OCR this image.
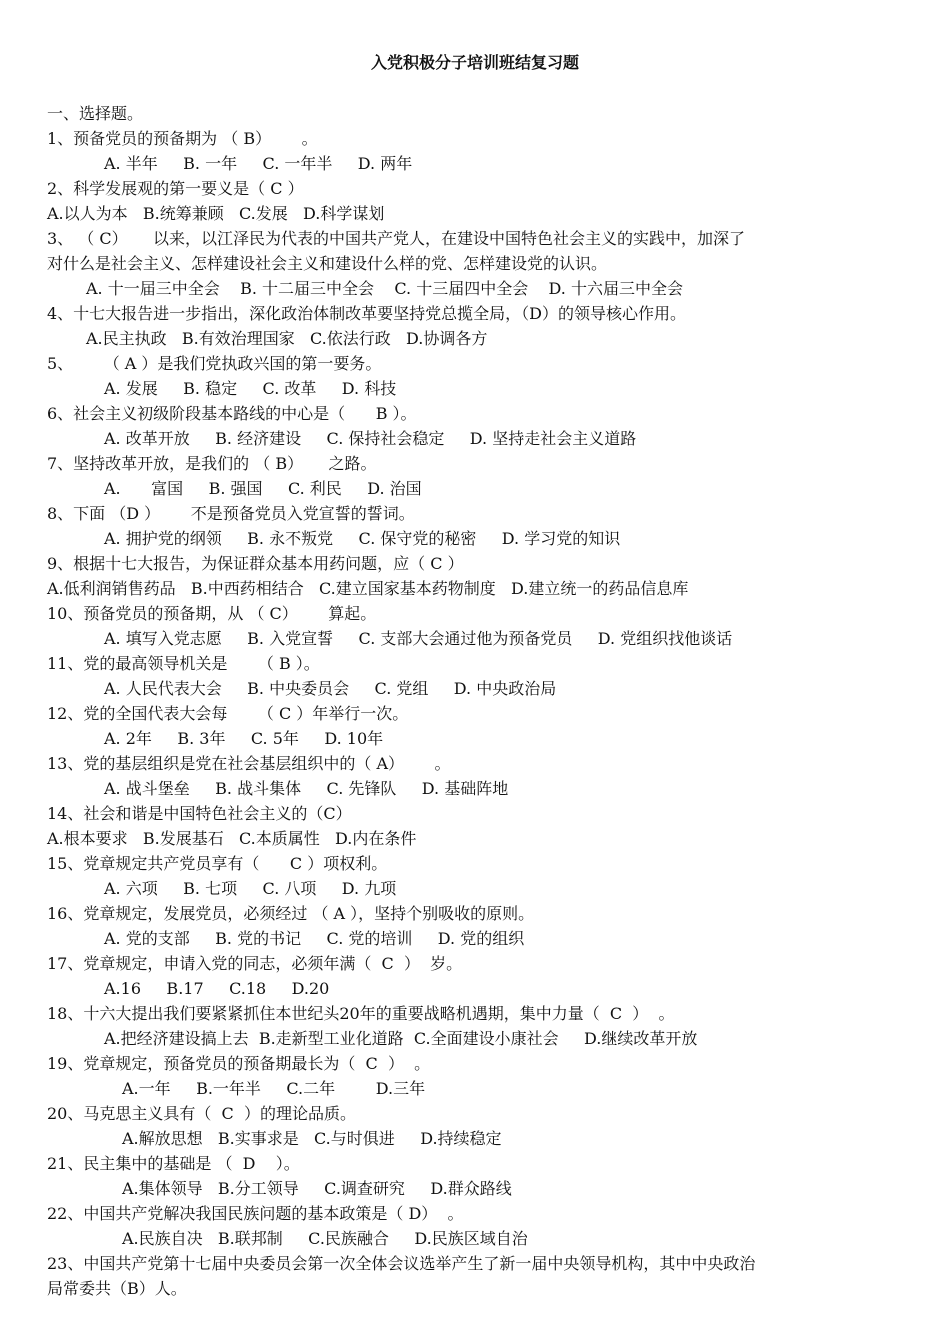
入党积极分子培训班结复习题
一、选择题。
1、预备党员的预备期为 （ B）      。
A. 半年     B. 一年     C. 一年半     D. 两年
2、科学发展观的第一要义是（ C ）
A.以人为本   B.统筹兼顾   C.发展   D.科学谋划
3、 （ C）     以来，以江泽民为代表的中国共产党人，在建设中国特色社会主义的实践中，加深了
对什么是社会主义、怎样建设社会主义和建设什么样的党、怎样建设党的认识。
A. 十一届三中全会    B. 十二届三中全会    C. 十三届四中全会    D. 十六届三中全会
4、十七大报告进一步指出，深化政治体制改革要坚持党总揽全局，（D）的领导核心作用。
A.民主执政   B.有效治理国家   C.依法行政   D.协调各方
5、      （ A ）是我们党执政兴国的第一要务。
A. 发展     B. 稳定     C. 改革     D. 科技
6、社会主义初级阶段基本路线的中心是（      B ）。
A. 改革开放     B. 经济建设     C. 保持社会稳定     D. 坚持走社会主义道路
7、坚持改革开放，是我们的 （ B）     之路。
A.      富国     B. 强国     C. 利民     D. 治国
8、下面 （D ）      不是预备党员入党宣誓的誓词。
A. 拥护党的纲领     B. 永不叛党     C. 保守党的秘密     D. 学习党的知识
9、根据十七大报告，为保证群众基本用药问题，应（ C ）
A.低利润销售药品   B.中西药相结合   C.建立国家基本药物制度   D.建立统一的药品信息库
10、预备党员的预备期，从 （ C）      算起。
A. 填写入党志愿     B. 入党宣誓     C. 支部大会通过他为预备党员     D. 党组织找他谈话
11、党的最高领导机关是      （ B ）。
A. 人民代表大会     B. 中央委员会     C. 党组     D. 中央政治局
12、党的全国代表大会每      （ C ）年举行一次。
A. 2年     B. 3年     C. 5年     D. 10年
13、党的基层组织是党在社会基层组织中的（ A）      。
A. 战斗堡垒     B. 战斗集体     C. 先锋队     D. 基础阵地
14、社会和谐是中国特色社会主义的（C）
A.根本要求   B.发展基石   C.本质属性   D.内在条件
15、党章规定共产党员享有（      C ）项权利。
A. 六项     B. 七项     C. 八项     D. 九项
16、党章规定，发展党员，必须经过 （ A ），坚持个别吸收的原则。
A. 党的支部     B. 党的书记     C. 党的培训     D. 党的组织
17、党章规定，申请入党的同志，必须年满（  C  ）  岁。
A.16     B.17     C.18     D.20
18、十六大提出我们要紧紧抓住本世纪头20年的重要战略机遇期，集中力量（  C  ）  。
A.把经济建设搞上去  B.走新型工业化道路  C.全面建设小康社会     D.继续改革开放
19、党章规定，预备党员的预备期最长为（  C  ）  。
A.一年     B.一年半     C.二年        D.三年
20、马克思主义具有（  C  ）的理论品质。
A.解放思想   B.实事求是   C.与时俱进     D.持续稳定
21、民主集中的基础是 （  D    ）。
A.集体领导   B.分工领导     C.调查研究     D.群众路线
22、中国共产党解决我国民族问题的基本政策是（ D）  。
A.民族自决   B.联邦制     C.民族融合     D.民族区域自治
23、中国共产党第十七届中央委员会第一次全体会议选举产生了新一届中央领导机构，其中中央政治
局常委共（B）人。
